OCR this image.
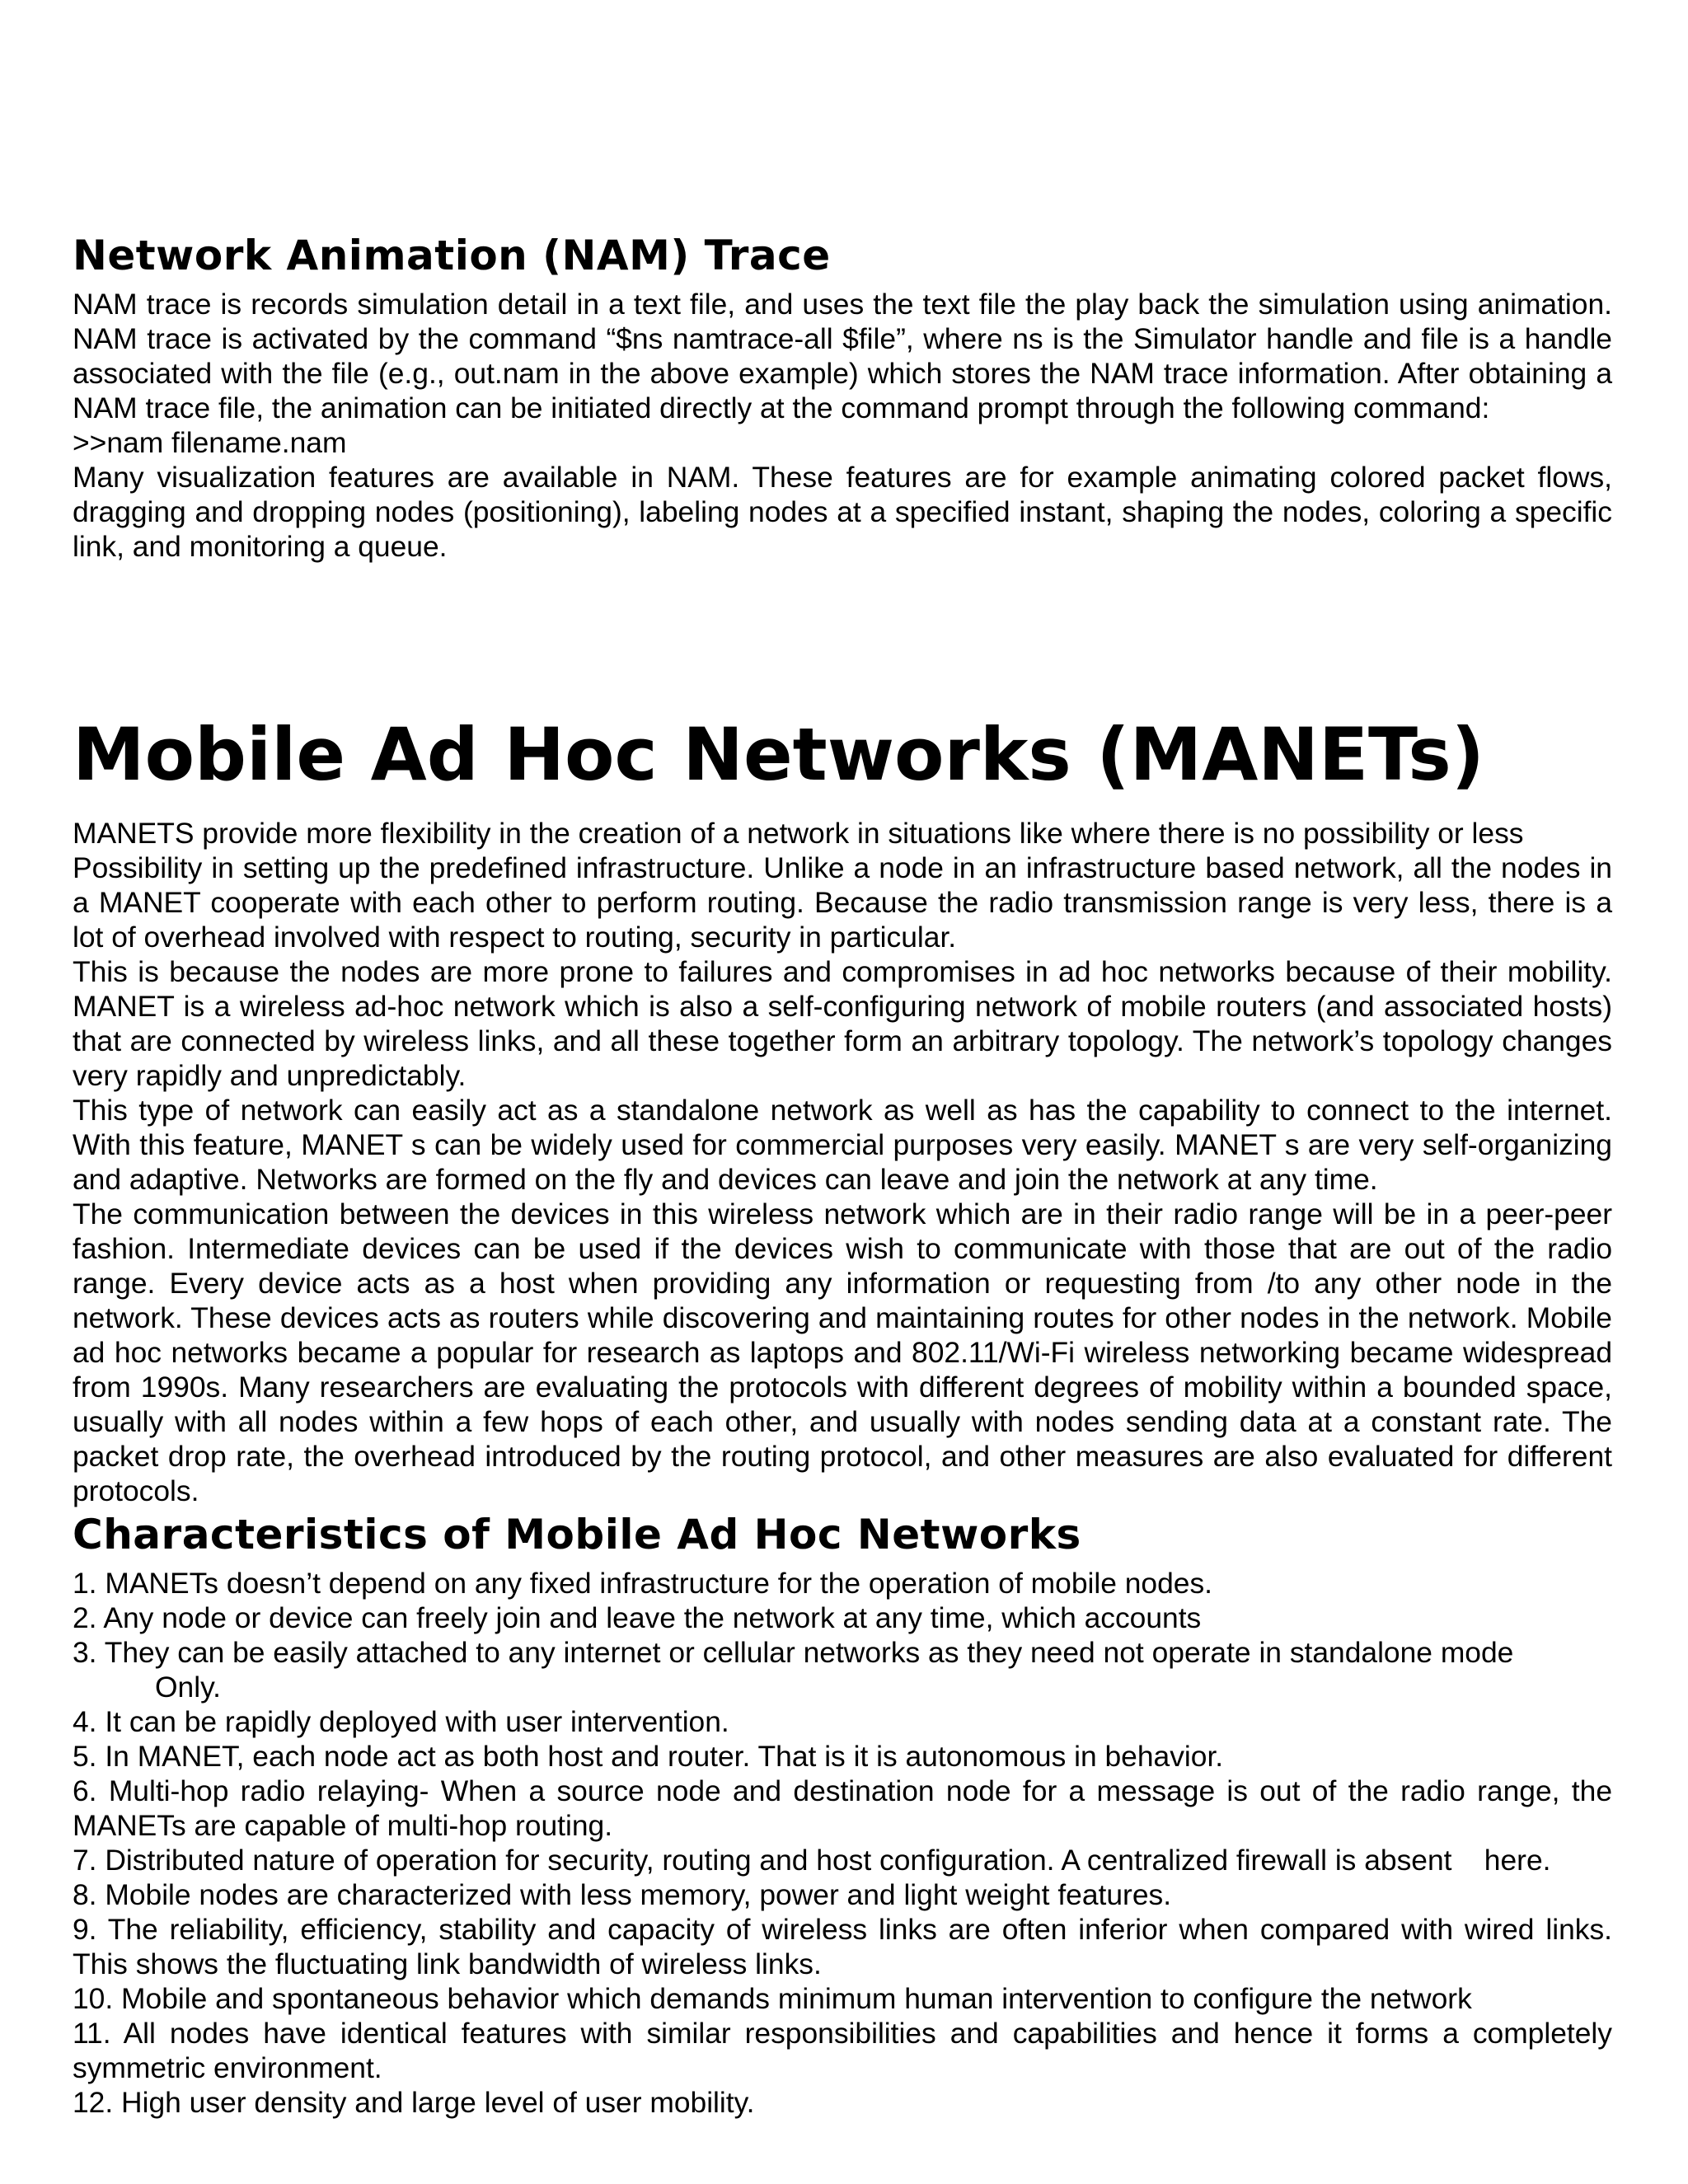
Network Animation (NAM) Trace

NAM trace is records simulation detail in a text file, and uses the text file the play back the simulation using animation. NAM trace is activated by the command “$ns namtrace-all $file”, where ns is the Simulator handle and file is a handle associated with the file (e.g., out.nam in the above example) which stores the NAM trace information. After obtaining a NAM trace file, the animation can be initiated directly at the command prompt through the following command:

>>nam filename.nam

Many visualization features are available in NAM. These features are for example animating colored packet flows, dragging and dropping nodes (positioning), labeling nodes at a specified instant, shaping the nodes, coloring a specific link, and monitoring a queue.

Mobile Ad Hoc Networks (MANETs)

MANETS provide more flexibility in the creation of a network in situations like where there is no possibility or less

Possibility in setting up the predefined infrastructure. Unlike a node in an infrastructure based network, all the nodes in a MANET cooperate with each other to perform routing. Because the radio transmission range is very less, there is a lot of overhead involved with respect to routing, security in particular.

This is because the nodes are more prone to failures and compromises in ad hoc networks because of their mobility. MANET is a wireless ad-hoc network which is also a self-configuring network of mobile routers (and associated hosts) that are connected by wireless links, and all these together form an arbitrary topology. The network’s topology changes very rapidly and unpredictably.

This type of network can easily act as a standalone network as well as has the capability to connect to the internet. With this feature, MANET s can be widely used for commercial purposes very easily. MANET s are very self-organizing and adaptive. Networks are formed on the fly and devices can leave and join the network at any time.

The communication between the devices in this wireless network which are in their radio range will be in a peer-peer fashion. Intermediate devices can be used if the devices wish to communicate with those that are out of the radio range. Every device acts as a host when providing any information or requesting from /to any other node in the network. These devices acts as routers while discovering and maintaining routes for other nodes in the network. Mobile ad hoc networks became a popular for research as laptops and 802.11/Wi-Fi wireless networking became widespread from 1990s. Many researchers are evaluating the protocols with different degrees of mobility within a bounded space, usually with all nodes within a few hops of each other, and usually with nodes sending data at a constant rate. The packet drop rate, the overhead introduced by the routing protocol, and other measures are also evaluated for different protocols.

Characteristics of Mobile Ad Hoc Networks

1. MANETs doesn’t depend on any fixed infrastructure for the operation of mobile nodes.

2. Any node or device can freely join and leave the network at any time, which accounts

3. They can be easily attached to any internet or cellular networks as they need not operate in standalone mode

Only.

4. It can be rapidly deployed with user intervention.

5. In MANET, each node act as both host and router. That is it is autonomous in behavior.

6. Multi-hop radio relaying- When a source node and destination node for a message is out of the radio range, the MANETs are capable of multi-hop routing.

7. Distributed nature of operation for security, routing and host configuration. A centralized firewall is absent    here.

8. Mobile nodes are characterized with less memory, power and light weight features.

9. The reliability, efficiency, stability and capacity of wireless links are often inferior when compared with wired links. This shows the fluctuating link bandwidth of wireless links.

10. Mobile and spontaneous behavior which demands minimum human intervention to configure the network

11. All nodes have identical features with similar responsibilities and capabilities and hence it forms a completely symmetric environment.

12. High user density and large level of user mobility.
